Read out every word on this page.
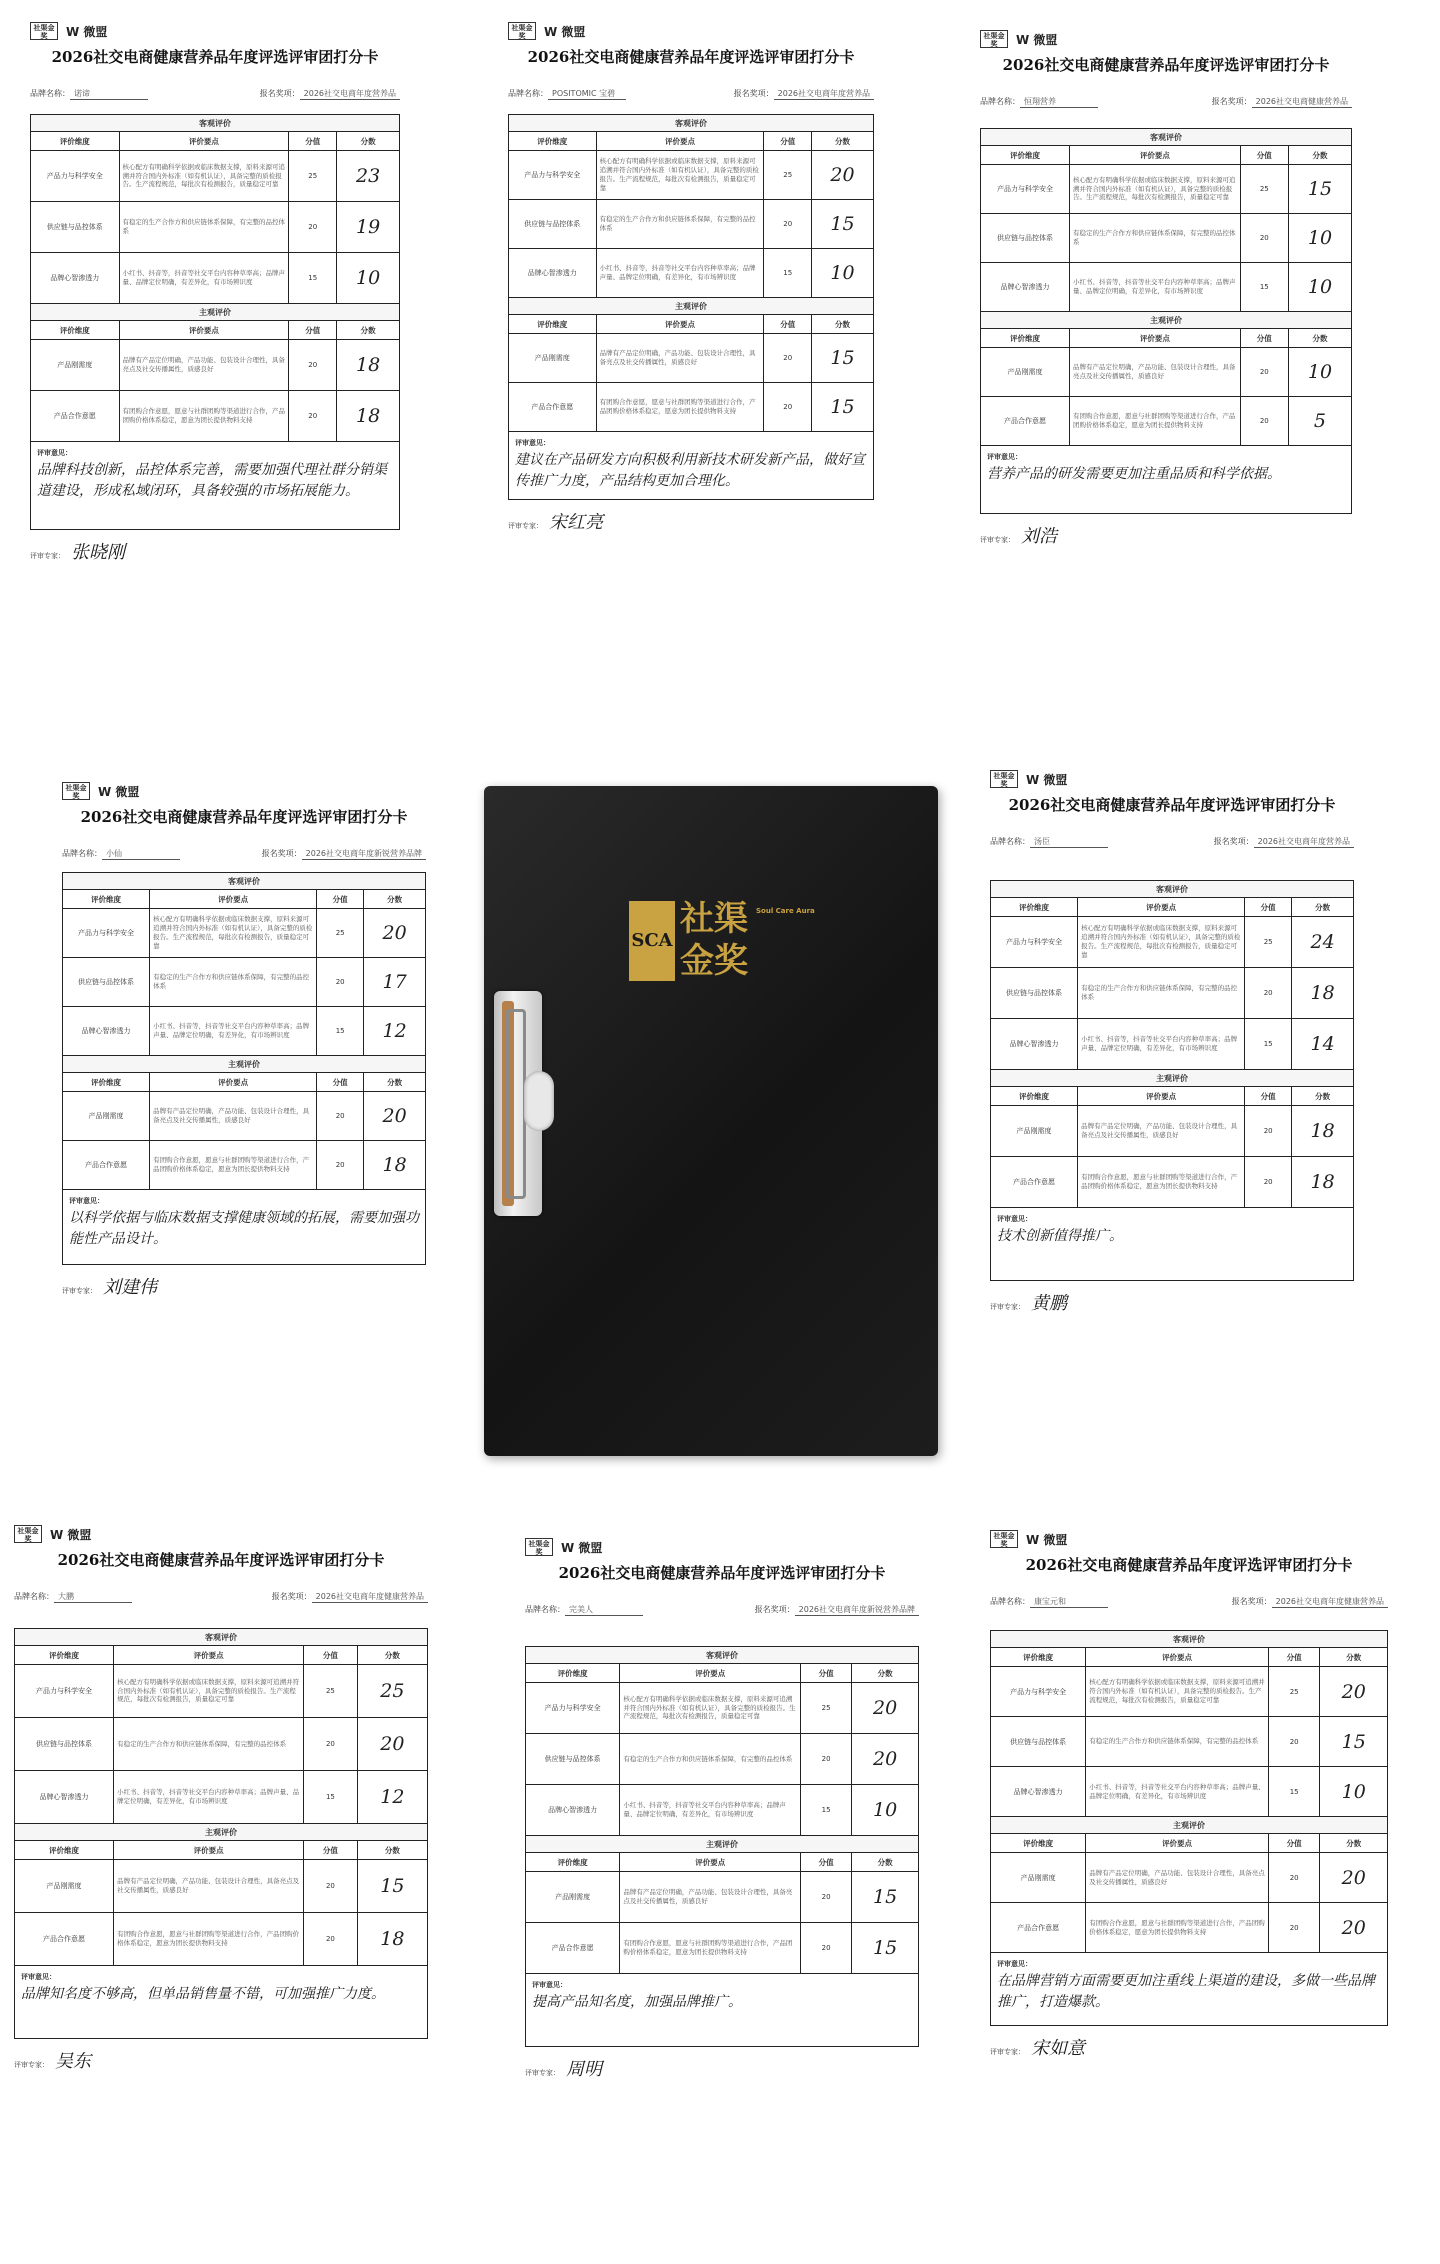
社渠金奖	W 微盟
2026社交电商健康营养品年度评选评审团打分卡
品牌名称： 诺谛	报名奖项： 2026社交电商年度营养品
客观评价			
评价维度	评价要点	分值	分数
产品力与科学安全	核心配方有明确科学依据或临床数据支撑，原料来源可追溯并符合国内外标准（如有机认证），具备完整的质检报告。生产流程规范，每批次有检测报告，质量稳定可靠	25	23
供应链与品控体系	有稳定的生产合作方和供应链体系保障，有完整的品控体系	20	19
品牌心智渗透力	小红书、抖音等，抖音等社交平台内容种草率高；品牌声量、品牌定位明确，有差异化，有市场辨识度	15	10
主观评价			
评价维度	评价要点	分值	分数
产品刚需度	品牌有产品定位明确，产品功能、包装设计合理性，具备亮点及社交传播属性，质感良好	20	18
产品合作意愿	有团购合作意愿，愿意与社群团购等渠道进行合作，产品团购价格体系稳定，愿意为团长提供物料支持	20	18
评审意见：
品牌科技创新，品控体系完善，需要加强代理社群分销渠道建设，形成私域闭环，具备较强的市场拓展能力。			
评审专家： 张晓刚
社渠金奖	W 微盟
2026社交电商健康营养品年度评选评审团打分卡
品牌名称： POSITOMIC 宝碧	报名奖项： 2026社交电商年度营养品
客观评价			
评价维度	评价要点	分值	分数
产品力与科学安全	核心配方有明确科学依据或临床数据支撑，原料来源可追溯并符合国内外标准（如有机认证），具备完整的质检报告。生产流程规范，每批次有检测报告，质量稳定可靠	25	20
供应链与品控体系	有稳定的生产合作方和供应链体系保障，有完整的品控体系	20	15
品牌心智渗透力	小红书、抖音等，抖音等社交平台内容种草率高；品牌声量、品牌定位明确，有差异化，有市场辨识度	15	10
主观评价			
评价维度	评价要点	分值	分数
产品刚需度	品牌有产品定位明确，产品功能、包装设计合理性，具备亮点及社交传播属性，质感良好	20	15
产品合作意愿	有团购合作意愿，愿意与社群团购等渠道进行合作，产品团购价格体系稳定，愿意为团长提供物料支持	20	15
评审意见：
建议在产品研发方向积极利用新技术研发新产品，做好宣传推广力度，产品结构更加合理化。			
评审专家： 宋红亮
社渠金奖	W 微盟
2026社交电商健康营养品年度评选评审团打分卡
品牌名称： 恒翔营养	报名奖项： 2026社交电商健康营养品
客观评价			
评价维度	评价要点	分值	分数
产品力与科学安全	核心配方有明确科学依据或临床数据支撑，原料来源可追溯并符合国内外标准（如有机认证），具备完整的质检报告。生产流程规范，每批次有检测报告，质量稳定可靠	25	15
供应链与品控体系	有稳定的生产合作方和供应链体系保障，有完整的品控体系	20	10
品牌心智渗透力	小红书、抖音等，抖音等社交平台内容种草率高；品牌声量、品牌定位明确，有差异化，有市场辨识度	15	10
主观评价			
评价维度	评价要点	分值	分数
产品刚需度	品牌有产品定位明确，产品功能、包装设计合理性，具备亮点及社交传播属性，质感良好	20	10
产品合作意愿	有团购合作意愿，愿意与社群团购等渠道进行合作，产品团购价格体系稳定，愿意为团长提供物料支持	20	5
评审意见：
营养产品的研发需要更加注重品质和科学依据。			
评审专家： 刘浩
社渠金奖	W 微盟
2026社交电商健康营养品年度评选评审团打分卡
品牌名称： 小仙	报名奖项： 2026社交电商年度新锐营养品牌
客观评价			
评价维度	评价要点	分值	分数
产品力与科学安全	核心配方有明确科学依据或临床数据支撑，原料来源可追溯并符合国内外标准（如有机认证），具备完整的质检报告。生产流程规范，每批次有检测报告，质量稳定可靠	25	20
供应链与品控体系	有稳定的生产合作方和供应链体系保障，有完整的品控体系	20	17
品牌心智渗透力	小红书、抖音等，抖音等社交平台内容种草率高；品牌声量、品牌定位明确，有差异化，有市场辨识度	15	12
主观评价			
评价维度	评价要点	分值	分数
产品刚需度	品牌有产品定位明确，产品功能、包装设计合理性，具备亮点及社交传播属性，质感良好	20	20
产品合作意愿	有团购合作意愿，愿意与社群团购等渠道进行合作，产品团购价格体系稳定，愿意为团长提供物料支持	20	18
评审意见：
以科学依据与临床数据支撑健康领域的拓展，需要加强功能性产品设计。			
评审专家： 刘建伟
社渠金奖	W 微盟
2026社交电商健康营养品年度评选评审团打分卡
品牌名称： 汤臣	报名奖项： 2026社交电商年度营养品
客观评价			
评价维度	评价要点	分值	分数
产品力与科学安全	核心配方有明确科学依据或临床数据支撑，原料来源可追溯并符合国内外标准（如有机认证），具备完整的质检报告。生产流程规范，每批次有检测报告，质量稳定可靠	25	24
供应链与品控体系	有稳定的生产合作方和供应链体系保障，有完整的品控体系	20	18
品牌心智渗透力	小红书、抖音等，抖音等社交平台内容种草率高；品牌声量、品牌定位明确，有差异化，有市场辨识度	15	14
主观评价			
评价维度	评价要点	分值	分数
产品刚需度	品牌有产品定位明确，产品功能、包装设计合理性，具备亮点及社交传播属性，质感良好	20	18
产品合作意愿	有团购合作意愿，愿意与社群团购等渠道进行合作，产品团购价格体系稳定，愿意为团长提供物料支持	20	18
评审意见：
技术创新值得推广。			
评审专家： 黄鹏
社渠金奖	W 微盟
2026社交电商健康营养品年度评选评审团打分卡
品牌名称： 大鹏	报名奖项： 2026社交电商年度健康营养品
客观评价			
评价维度	评价要点	分值	分数
产品力与科学安全	核心配方有明确科学依据或临床数据支撑，原料来源可追溯并符合国内外标准（如有机认证），具备完整的质检报告。生产流程规范，每批次有检测报告，质量稳定可靠	25	25
供应链与品控体系	有稳定的生产合作方和供应链体系保障，有完整的品控体系	20	20
品牌心智渗透力	小红书、抖音等，抖音等社交平台内容种草率高；品牌声量、品牌定位明确，有差异化，有市场辨识度	15	12
主观评价			
评价维度	评价要点	分值	分数
产品刚需度	品牌有产品定位明确，产品功能、包装设计合理性，具备亮点及社交传播属性，质感良好	20	15
产品合作意愿	有团购合作意愿，愿意与社群团购等渠道进行合作，产品团购价格体系稳定，愿意为团长提供物料支持	20	18
评审意见：
品牌知名度不够高，但单品销售量不错，可加强推广力度。			
评审专家： 吴东
社渠金奖	W 微盟
2026社交电商健康营养品年度评选评审团打分卡
品牌名称： 完美人	报名奖项： 2026社交电商年度新锐营养品牌
客观评价			
评价维度	评价要点	分值	分数
产品力与科学安全	核心配方有明确科学依据或临床数据支撑，原料来源可追溯并符合国内外标准（如有机认证），具备完整的质检报告。生产流程规范，每批次有检测报告，质量稳定可靠	25	20
供应链与品控体系	有稳定的生产合作方和供应链体系保障，有完整的品控体系	20	20
品牌心智渗透力	小红书、抖音等，抖音等社交平台内容种草率高；品牌声量、品牌定位明确，有差异化，有市场辨识度	15	10
主观评价			
评价维度	评价要点	分值	分数
产品刚需度	品牌有产品定位明确，产品功能、包装设计合理性，具备亮点及社交传播属性，质感良好	20	15
产品合作意愿	有团购合作意愿，愿意与社群团购等渠道进行合作，产品团购价格体系稳定，愿意为团长提供物料支持	20	15
评审意见：
提高产品知名度，加强品牌推广。			
评审专家： 周明
社渠金奖	W 微盟
2026社交电商健康营养品年度评选评审团打分卡
品牌名称： 康宝元和	报名奖项： 2026社交电商年度健康营养品
客观评价			
评价维度	评价要点	分值	分数
产品力与科学安全	核心配方有明确科学依据或临床数据支撑，原料来源可追溯并符合国内外标准（如有机认证），具备完整的质检报告。生产流程规范，每批次有检测报告，质量稳定可靠	25	20
供应链与品控体系	有稳定的生产合作方和供应链体系保障，有完整的品控体系	20	15
品牌心智渗透力	小红书、抖音等，抖音等社交平台内容种草率高；品牌声量、品牌定位明确，有差异化，有市场辨识度	15	10
主观评价			
评价维度	评价要点	分值	分数
产品刚需度	品牌有产品定位明确，产品功能、包装设计合理性，具备亮点及社交传播属性，质感良好	20	20
产品合作意愿	有团购合作意愿，愿意与社群团购等渠道进行合作，产品团购价格体系稳定，愿意为团长提供物料支持	20	20
评审意见：
在品牌营销方面需要更加注重线上渠道的建设，多做一些品牌推广，打造爆款。			
评审专家： 宋如意
SCA
社渠金奖
Soul Care Aura
